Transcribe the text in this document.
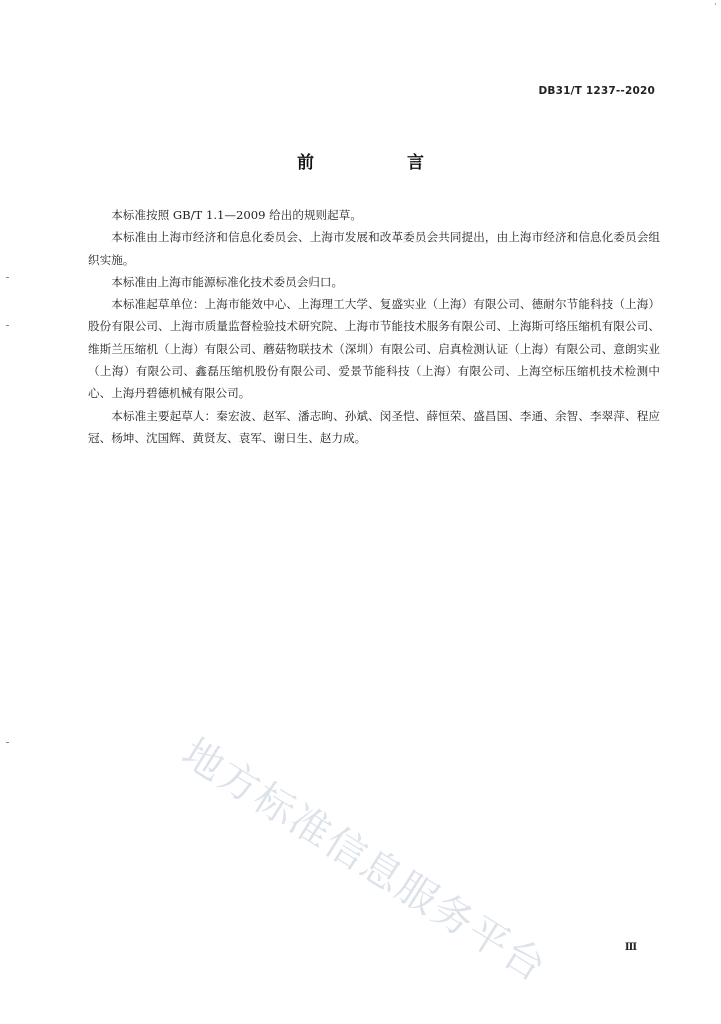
·
DB31/T 1237--2020
前　言

本标准按照 GB/T 1.1—2009 给出的规则起草。

本标准由上海市经济和信息化委员会、上海市发展和改革委员会共同提出，由上海市经济和信息化委员会组织实施。

本标准由上海市能源标准化技术委员会归口。

本标准起草单位：上海市能效中心、上海理工大学、复盛实业（上海）有限公司、德耐尔节能科技（上海）股份有限公司、上海市质量监督检验技术研究院、上海市节能技术服务有限公司、上海斯可络压缩机有限公司、维斯兰压缩机（上海）有限公司、蘑菇物联技术（深圳）有限公司、启真检测认证（上海）有限公司、意朗实业（上海）有限公司、鑫磊压缩机股份有限公司、爱景节能科技（上海）有限公司、上海空标压缩机技术检测中心、上海丹碧德机械有限公司。

本标准主要起草人：秦宏波、赵军、潘志昫、孙斌、闵圣恺、薛恒荣、盛昌国、李通、余智、李翠萍、程应冠、杨坤、沈国辉、黄贤友、袁军、谢日生、赵力成。

地方标准信息服务平台	Ⅲ
